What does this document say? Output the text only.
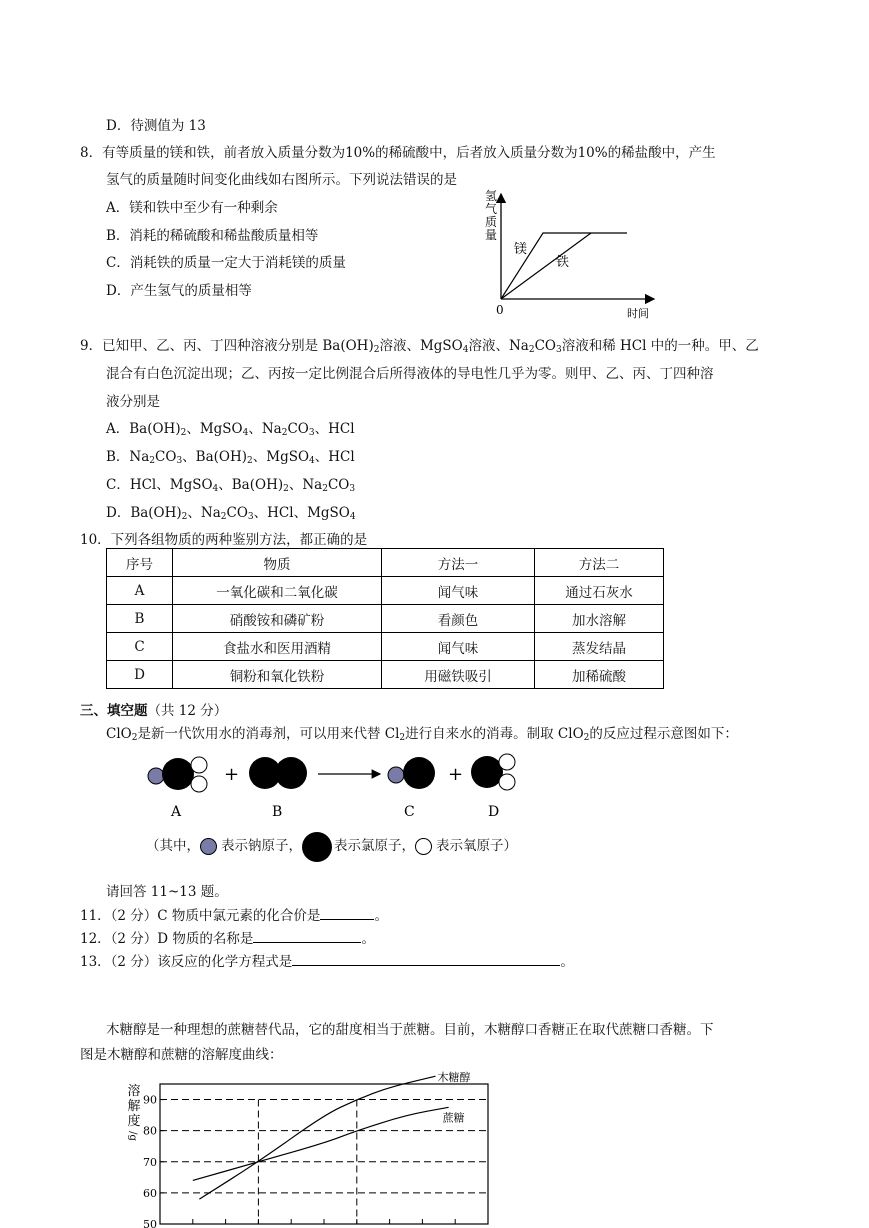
D．待测值为 13
8．有等质量的镁和铁，前者放入质量分数为10%的稀硫酸中，后者放入质量分数为10%的稀盐酸中，产生
氢气的质量随时间变化曲线如右图所示。下列说法错误的是
A．镁和铁中至少有一种剩余
B．消耗的稀硫酸和稀盐酸质量相等
C．消耗铁的质量一定大于消耗镁的质量
D．产生氢气的质量相等
氢
气
质
量
镁
铁
0	时间
9．已知甲、乙、丙、丁四种溶液分别是 $Ba(OH)_2$溶液、MgSO$_4$溶液、$Na_2CO_3$溶液和稀 HCl 中的一种。甲、乙
混合有白色沉淀出现；乙、丙按一定比例混合后所得液体的导电性几乎为零。则甲、乙、丙、丁四种溶
液分别是
A．$Ba(OH)_2$、MgSO$_4$、$Na_2CO_3$、HCl
B．$Na_2CO_3$、$Ba(OH)_2$、MgSO$_4$、HCl
C．HCl、MgSO$_4$、$Ba(OH)_2$、$Na_2CO_3$
D．$Ba(OH)_2$、$Na_2CO_3$、HCl、MgSO$_4$
10．下列各组物质的两种鉴别方法，都正确的是
序号	物质	方法一	方法二
A	一氧化碳和二氧化碳	闻气味	通过石灰水
B	硝酸铵和磷矿粉	看颜色	加水溶解
C	食盐水和医用酒精	闻气味	蒸发结晶
D	铜粉和氧化铁粉	用磁铁吸引	加稀硫酸
三、填空题（共 12 分）
ClO$_2$是新一代饮用水的消毒剂，可以用来代替 $Cl_2$进行自来水的消毒。制取 ClO$_2$的反应过程示意图如下：
+	+
A	B	C	D
（其中， 表示钠原子， 表示氯原子， 表示氧原子）
请回答 11~13 题。
11．（2 分）C 物质中氯元素的化合价是	。
12．（2 分）D 物质的名称是	。
13．（2 分）该反应的化学方程式是	。
木糖醇是一种理想的蔗糖替代品，它的甜度相当于蔗糖。目前，木糖醇口香糖正在取代蔗糖口香糖。下
图是木糖醇和蔗糖的溶解度曲线：
50
60
70
80
90
溶
解
度
/g
木糖醇
蔗糖
